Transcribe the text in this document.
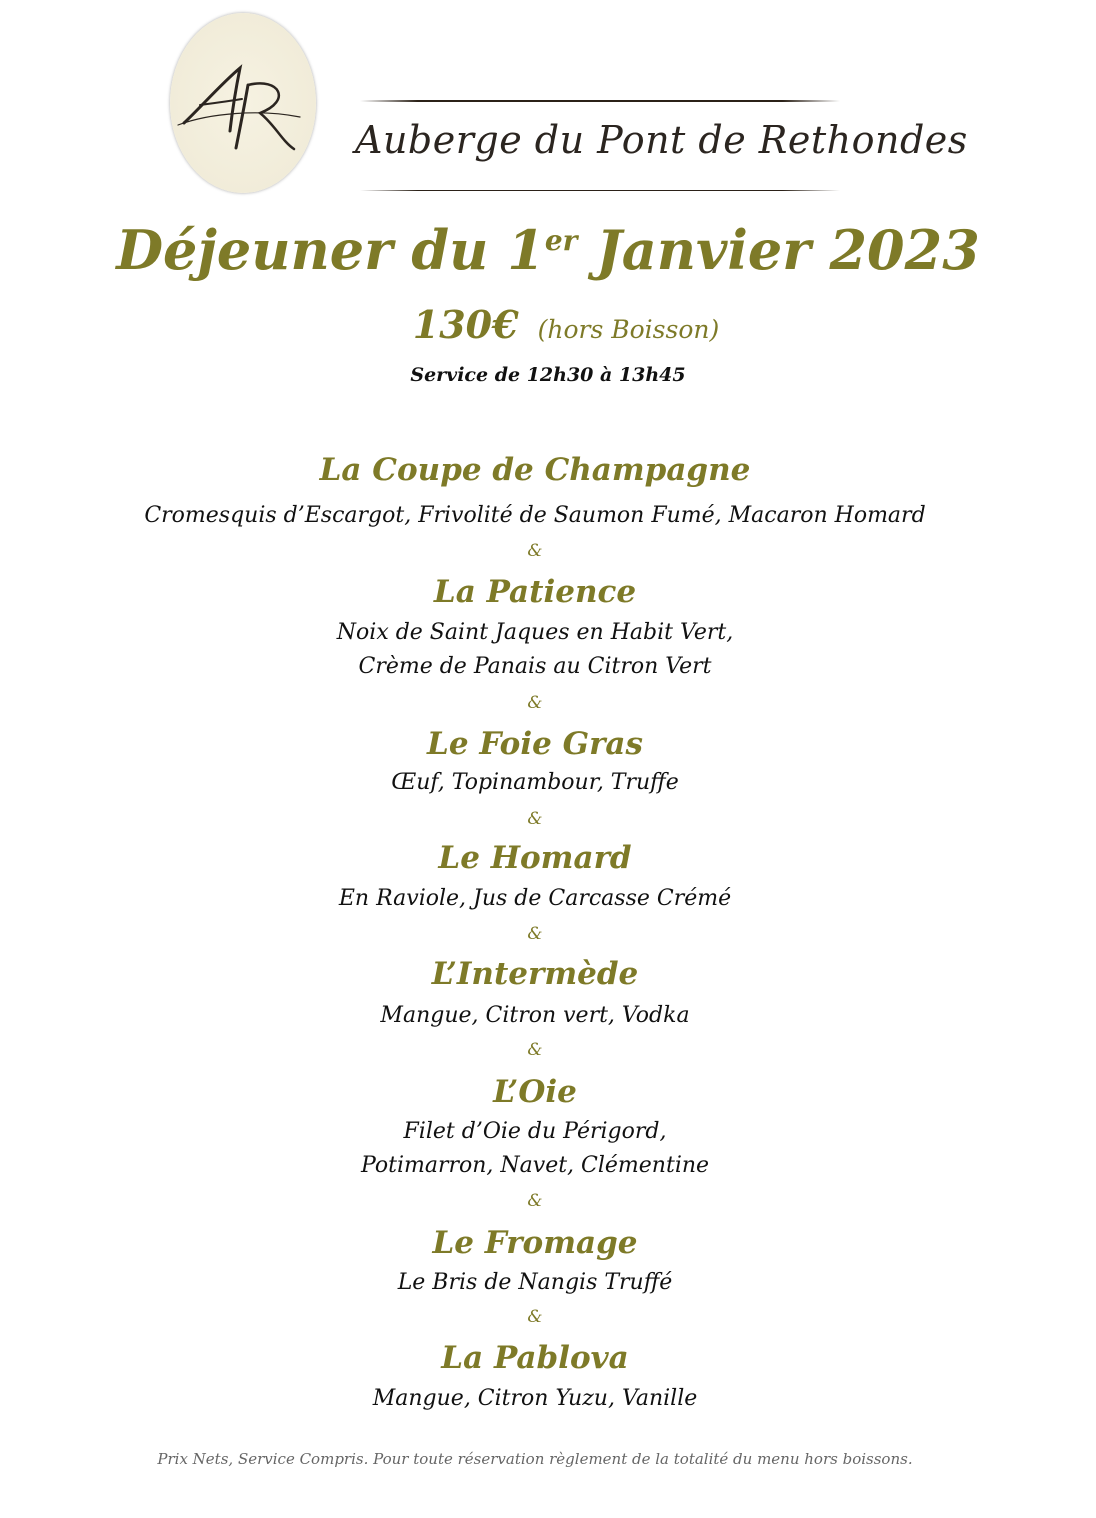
Auberge du Pont de Rethondes
Déjeuner du 1er Janvier 2023
130€ (hors Boisson)
Service de 12h30 à 13h45
La Coupe de Champagne
Cromesquis d’Escargot, Frivolité de Saumon Fumé, Macaron Homard
&
La Patience
Noix de Saint Jaques en Habit Vert,
Crème de Panais au Citron Vert
&
Le Foie Gras
Œuf, Topinambour, Truffe
&
Le Homard
En Raviole, Jus de Carcasse Crémé
&
L’Intermède
Mangue, Citron vert, Vodka
&
L’Oie
Filet d’Oie du Périgord,
Potimarron, Navet, Clémentine
&
Le Fromage
Le Bris de Nangis Truffé
&
La Pablova
Mangue, Citron Yuzu, Vanille
Prix Nets, Service Compris. Pour toute réservation règlement de la totalité du menu hors boissons.
